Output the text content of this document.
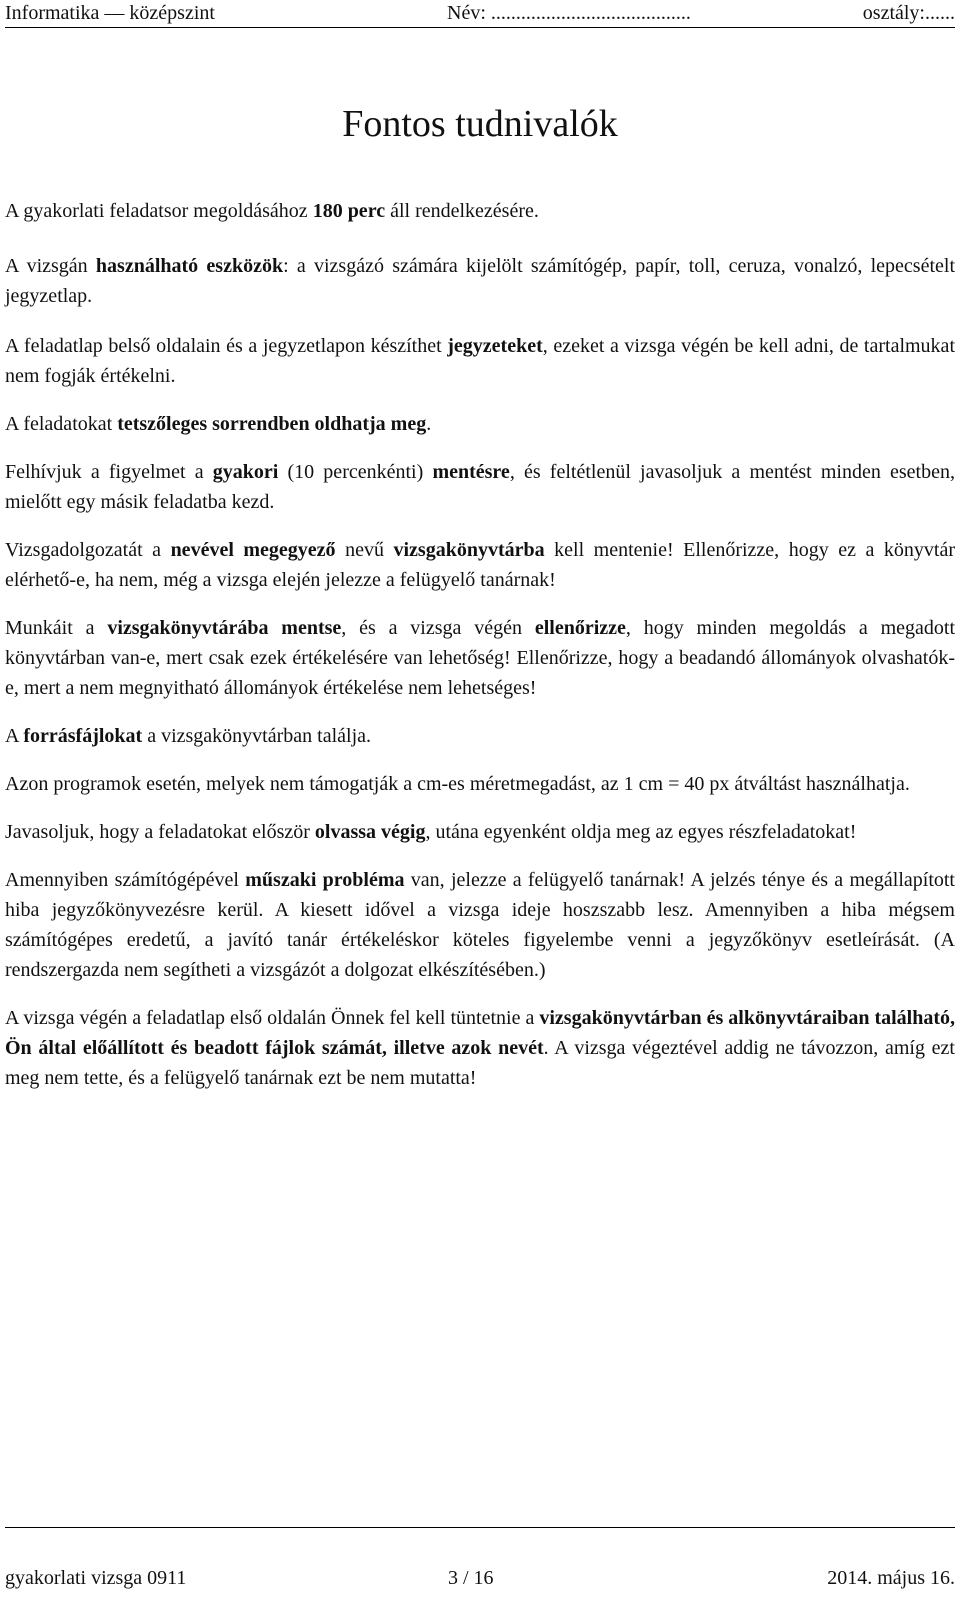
Informatika — középszint	Név: ........................................	osztály:......
Fontos tudnivalók

A gyakorlati feladatsor megoldásához 180 perc áll rendelkezésére.

A vizsgán használható eszközök: a vizsgázó számára kijelölt számítógép, papír, toll, ceruza, vonalzó, lepecsételt jegyzetlap.

A feladatlap belső oldalain és a jegyzetlapon készíthet jegyzeteket, ezeket a vizsga végén be kell adni, de tartalmukat nem fogják értékelni.

A feladatokat tetszőleges sorrendben oldhatja meg.

Felhívjuk a figyelmet a gyakori (10 percenkénti) mentésre, és feltétlenül javasoljuk a mentést minden esetben, mielőtt egy másik feladatba kezd.

Vizsgadolgozatát a nevével megegyező nevű vizsgakönyvtárba kell mentenie! Ellenőrizze, hogy ez a könyvtár elérhető-e, ha nem, még a vizsga elején jelezze a felügyelő tanárnak!

Munkáit a vizsgakönyvtárába mentse, és a vizsga végén ellenőrizze, hogy minden megoldás a megadott könyvtárban van-e, mert csak ezek értékelésére van lehetőség! Ellenőrizze, hogy a beadandó állományok olvashatók-e, mert a nem megnyitható állományok értékelése nem lehetséges!

A forrásfájlokat a vizsgakönyvtárban találja.

Azon programok esetén, melyek nem támogatják a cm-es méretmegadást, az 1 cm = 40 px átváltást használhatja.

Javasoljuk, hogy a feladatokat először olvassa végig, utána egyenként oldja meg az egyes részfeladatokat!

Amennyiben számítógépével műszaki probléma van, jelezze a felügyelő tanárnak! A jelzés ténye és a megállapított hiba jegyzőkönyvezésre kerül. A kiesett idővel a vizsga ideje hoszszabb lesz. Amennyiben a hiba mégsem számítógépes eredetű, a javító tanár értékeléskor köteles figyelembe venni a jegyzőkönyv esetleírását. (A rendszergazda nem segítheti a vizsgázót a dolgozat elkészítésében.)

A vizsga végén a feladatlap első oldalán Önnek fel kell tüntetnie a vizsgakönyvtárban és alkönyvtáraiban található, Ön által előállított és beadott fájlok számát, illetve azok nevét. A vizsga végeztével addig ne távozzon, amíg ezt meg nem tette, és a felügyelő tanárnak ezt be nem mutatta!

gyakorlati vizsga 0911	3 / 16	2014. május 16.
